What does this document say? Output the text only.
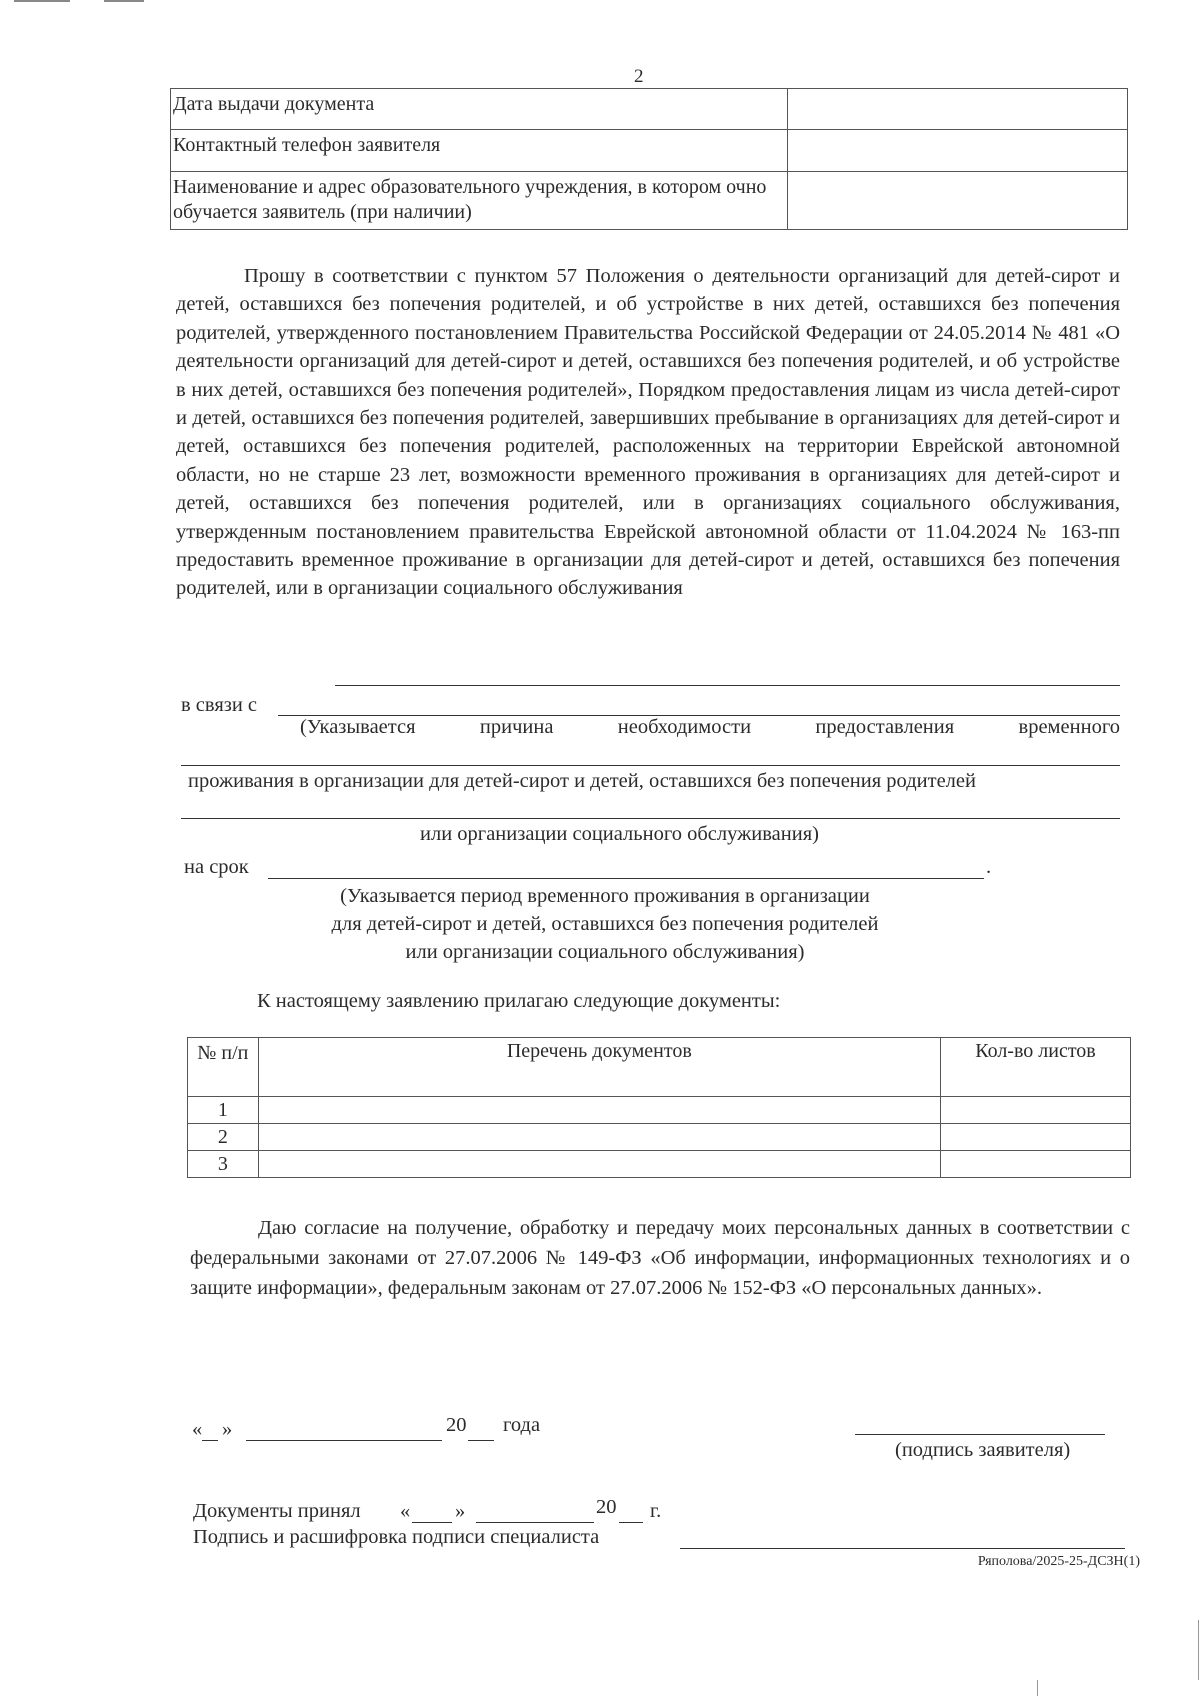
2
Дата выдачи документа	
Контактный телефон заявителя	
Наименование и адрес образовательного учреждения, в котором очно обучается заявитель (при наличии)	

Прошу в соответствии с пунктом 57 Положения о деятельности организаций для детей-сирот и детей, оставшихся без попечения родителей, и об устройстве в них детей, оставшихся без попечения родителей, утвержденного постановлением Правительства Российской Федерации от 24.05.2014 № 481 «О деятельности организаций для детей-сирот и детей, оставшихся без попечения родителей, и об устройстве в них детей, оставшихся без попечения родителей», Порядком предоставления лицам из числа детей-сирот и детей, оставшихся без попечения родителей, завершивших пребывание в организациях для детей-сирот и детей, оставшихся без попечения родителей, расположенных на территории Еврейской автономной области, но не старше 23 лет, возможности временного проживания в организациях для детей-сирот и детей, оставшихся без попечения родителей, или в организациях социального обслуживания, утвержденным постановлением правительства Еврейской автономной области от 11.04.2024 № 163-пп предоставить временное проживание в организации для детей-сирот и детей, оставшихся без попечения родителей, или в организации социального обслуживания

в связи с
(Указывается	причина	необходимости	предоставления	временного
проживания в организации для детей-сирот и детей, оставшихся без попечения родителей
или организации социального обслуживания)
на срок	.
(Указывается период временного проживания в организации
для детей-сирот и детей, оставшихся без попечения родителей
или организации социального обслуживания)
К настоящему заявлению прилагаю следующие документы:
№ п/п	Перечень документов	Кол-во листов
1		
2		
3		

Даю согласие на получение, обработку и передачу моих персональных данных в соответствии с федеральными законами от 27.07.2006 № 149-ФЗ «Об информации, информационных технологиях и о защите информации», федеральным законам от 27.07.2006 № 152-ФЗ «О персональных данных».

« »	20 года
(подпись заявителя)
Документы принял « »	20 г.
Подпись и расшифровка подписи специалиста
Ряполова/2025-25-ДСЗН(1)
